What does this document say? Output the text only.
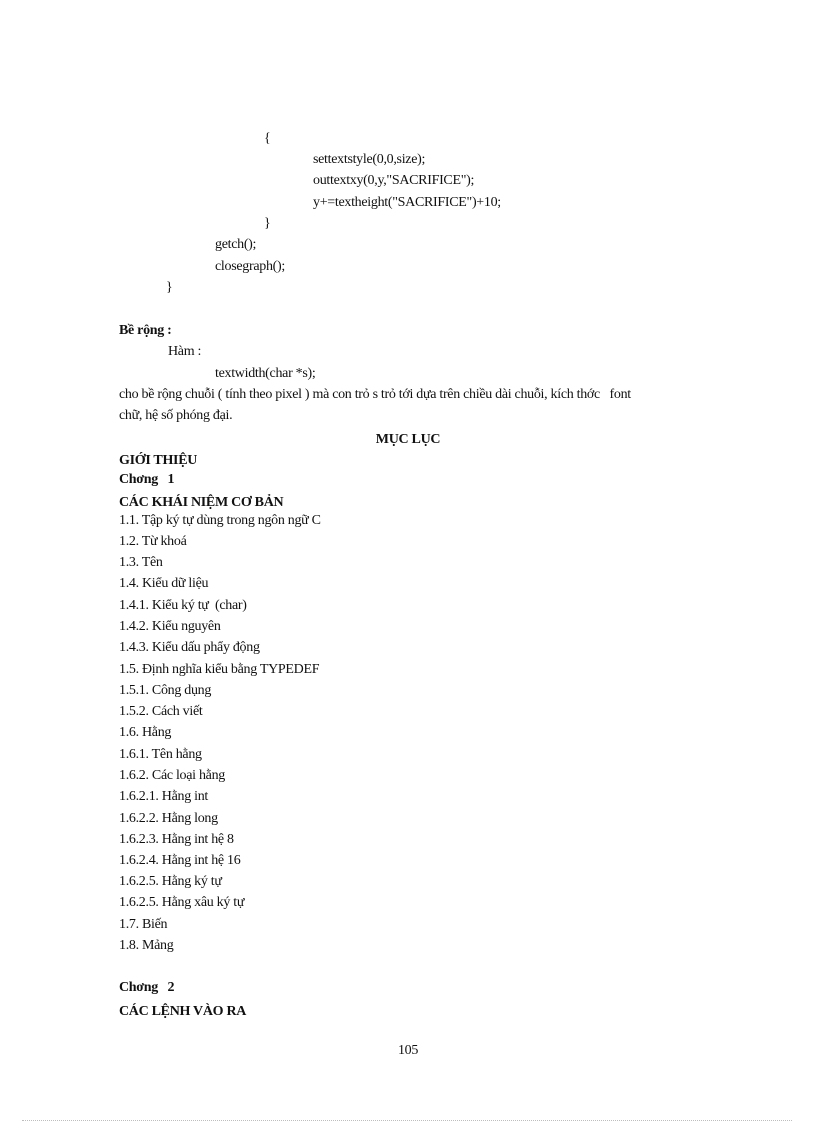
{
settextstyle(0,0,size);
outtextxy(0,y,"SACRIFICE");
y+=textheight("SACRIFICE")+10;
}
getch();
closegraph();
}
Bề rộng :
Hàm :
textwidth(char *s);
cho bề rộng chuỗi ( tính theo pixel ) mà con trỏ s trỏ tới dựa trên chiều dài chuỗi, kích thớc   font
chữ, hệ số phóng đại.
MỤC LỤC
GIỚI THIỆU
Chơng   1
CÁC KHÁI NIỆM CƠ BẢN
1.1. Tập ký tự dùng trong ngôn ngữ C
1.2. Từ khoá
1.3. Tên
1.4. Kiểu dữ liệu
1.4.1. Kiểu ký tự  (char)
1.4.2. Kiểu nguyên
1.4.3. Kiểu dấu phẩy động
1.5. Định nghĩa kiểu bằng TYPEDEF
1.5.1. Công dụng
1.5.2. Cách viết
1.6. Hằng
1.6.1. Tên hằng
1.6.2. Các loại hằng
1.6.2.1. Hằng int
1.6.2.2. Hằng long
1.6.2.3. Hằng int hệ 8
1.6.2.4. Hằng int hệ 16
1.6.2.5. Hằng ký tự
1.6.2.5. Hằng xâu ký tự
1.7. Biến
1.8. Mảng
Chơng   2
CÁC LỆNH VÀO RA
105
